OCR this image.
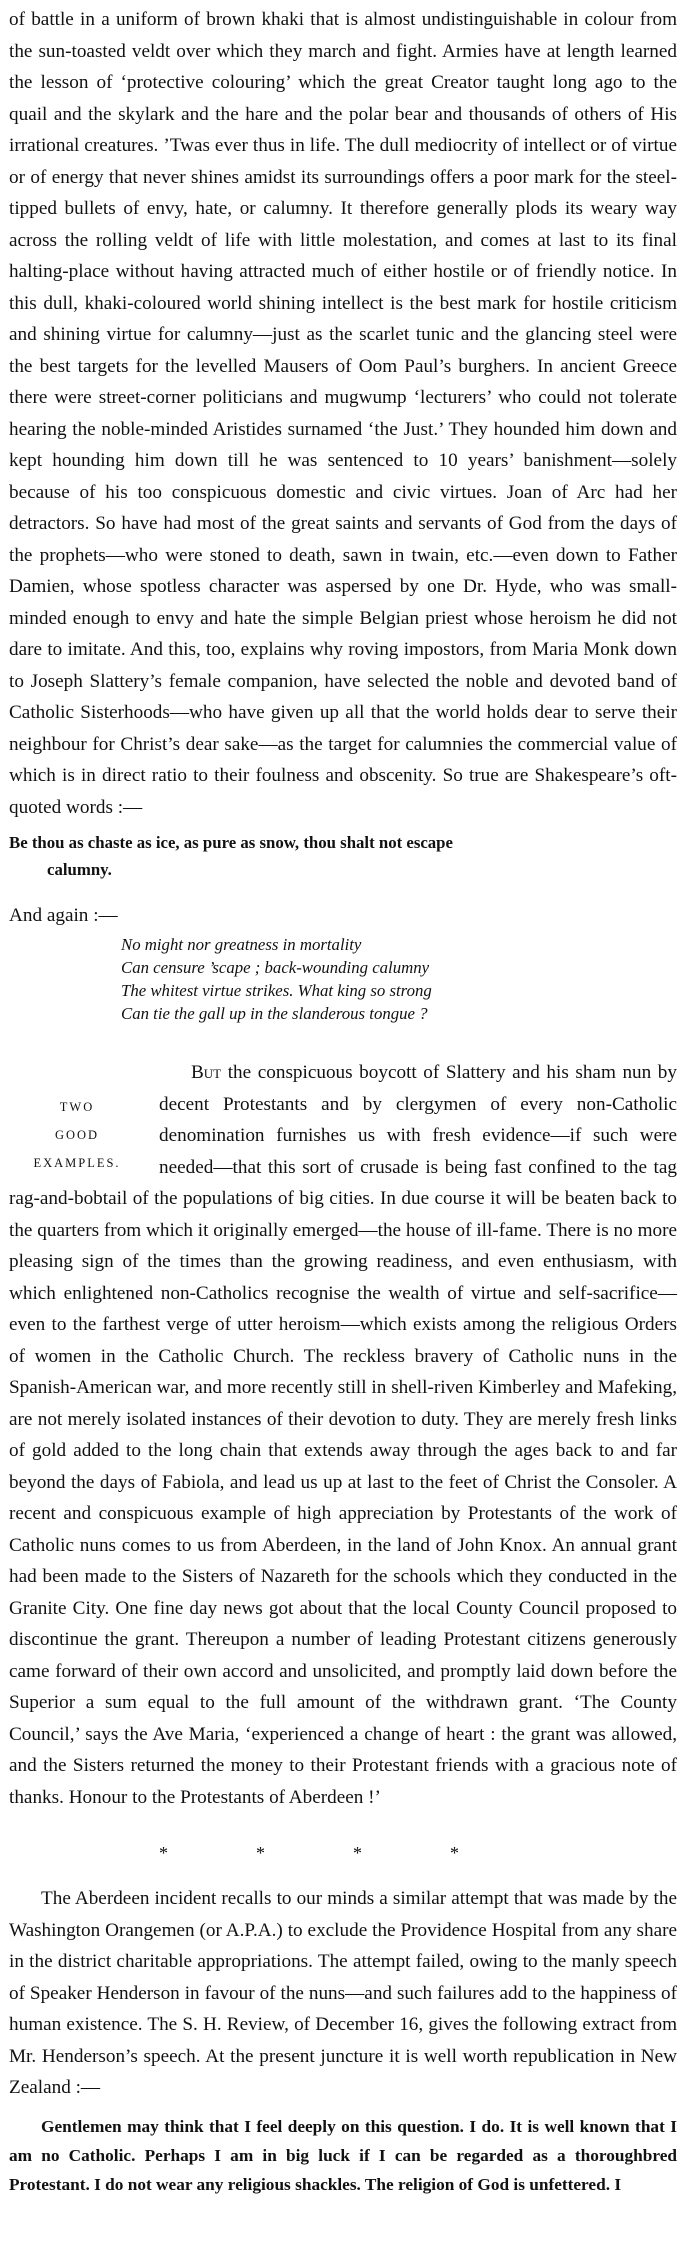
of battle in a uniform of brown khaki that is almost undistinguishable in colour from the sun-toasted veldt over which they march and fight. Armies have at length learned the lesson of ‘protective colouring’ which the great Creator taught long ago to the quail and the skylark and the hare and the polar bear and thousands of others of His irrational creatures. ’Twas ever thus in life. The dull mediocrity of intellect or of virtue or of energy that never shines amidst its surroundings offers a poor mark for the steel-tipped bullets of envy, hate, or calumny. It therefore generally plods its weary way across the rolling veldt of life with little molestation, and comes at last to its final halting-place without having attracted much of either hostile or of friendly notice. In this dull, khaki-coloured world shining intellect is the best mark for hostile criticism and shining virtue for calumny—just as the scarlet tunic and the glancing steel were the best targets for the levelled Mausers of Oom Paul’s burghers. In ancient Greece there were street-corner politicians and mugwump ‘lecturers’ who could not tolerate hearing the noble-minded Aristides surnamed ‘the Just.’ They hounded him down and kept hounding him down till he was sentenced to 10 years’ banishment—solely because of his too conspicuous domestic and civic virtues. Joan of Arc had her detractors. So have had most of the great saints and servants of God from the days of the prophets—who were stoned to death, sawn in twain, etc.—even down to Father Damien, whose spotless character was aspersed by one Dr. Hyde, who was small-minded enough to envy and hate the simple Belgian priest whose heroism he did not dare to imitate. And this, too, explains why roving impostors, from Maria Monk down to Joseph Slattery’s female companion, have selected the noble and devoted band of Catholic Sisterhoods—who have given up all that the world holds dear to serve their neighbour for Christ’s dear sake—as the target for calumnies the commercial value of which is in direct ratio to their foulness and obscenity. So true are Shakespeare’s oft-quoted words :—

Be thou as chaste as ice, as pure as snow, thou shalt not escape
calumny.

And again :—

No might nor greatness in mortality
Can censure ’scape ; back-wounding calumny
The whitest virtue strikes. What king so strong
Can tie the gall up in the slanderous tongue ?
TWO
GOOD
EXAMPLES.

But the conspicuous boycott of Slattery and his sham nun by decent Protestants and by clergymen of every non-Catholic denomination furnishes us with fresh evidence—if such were needed—that this sort of crusade is being fast confined to the tag rag-and-bobtail of the populations of big cities. In due course it will be beaten back to the quarters from which it originally emerged—the house of ill-fame. There is no more pleasing sign of the times than the growing readiness, and even enthusiasm, with which enlightened non-Catholics recognise the wealth of virtue and self-sacrifice—even to the farthest verge of utter heroism—which exists among the religious Orders of women in the Catholic Church. The reckless bravery of Catholic nuns in the Spanish-American war, and more recently still in shell-riven Kimberley and Mafeking, are not merely isolated instances of their devotion to duty. They are merely fresh links of gold added to the long chain that extends away through the ages back to and far beyond the days of Fabiola, and lead us up at last to the feet of Christ the Consoler. A recent and conspicuous example of high appreciation by Protestants of the work of Catholic nuns comes to us from Aberdeen, in the land of John Knox. An annual grant had been made to the Sisters of Nazareth for the schools which they conducted in the Granite City. One fine day news got about that the local County Council proposed to discontinue the grant. Thereupon a number of leading Protestant citizens generously came forward of their own accord and unsolicited, and promptly laid down before the Superior a sum equal to the full amount of the withdrawn grant. ‘The County Council,’ says the Ave Maria, ‘experienced a change of heart : the grant was allowed, and the Sisters returned the money to their Protestant friends with a gracious note of thanks. Honour to the Protestants of Aberdeen !’

*	*	*	*

The Aberdeen incident recalls to our minds a similar attempt that was made by the Washington Orangemen (or A.P.A.) to exclude the Providence Hospital from any share in the district charitable appropriations. The attempt failed, owing to the manly speech of Speaker Henderson in favour of the nuns—and such failures add to the happiness of human existence. The S. H. Review, of December 16, gives the following extract from Mr. Henderson’s speech. At the present juncture it is well worth republication in New Zealand :—

Gentlemen may think that I feel deeply on this question. I do. It is well known that I am no Catholic. Perhaps I am in big luck if I can be regarded as a thoroughbred Protestant. I do not wear any religious shackles. The religion of God is unfettered. I
